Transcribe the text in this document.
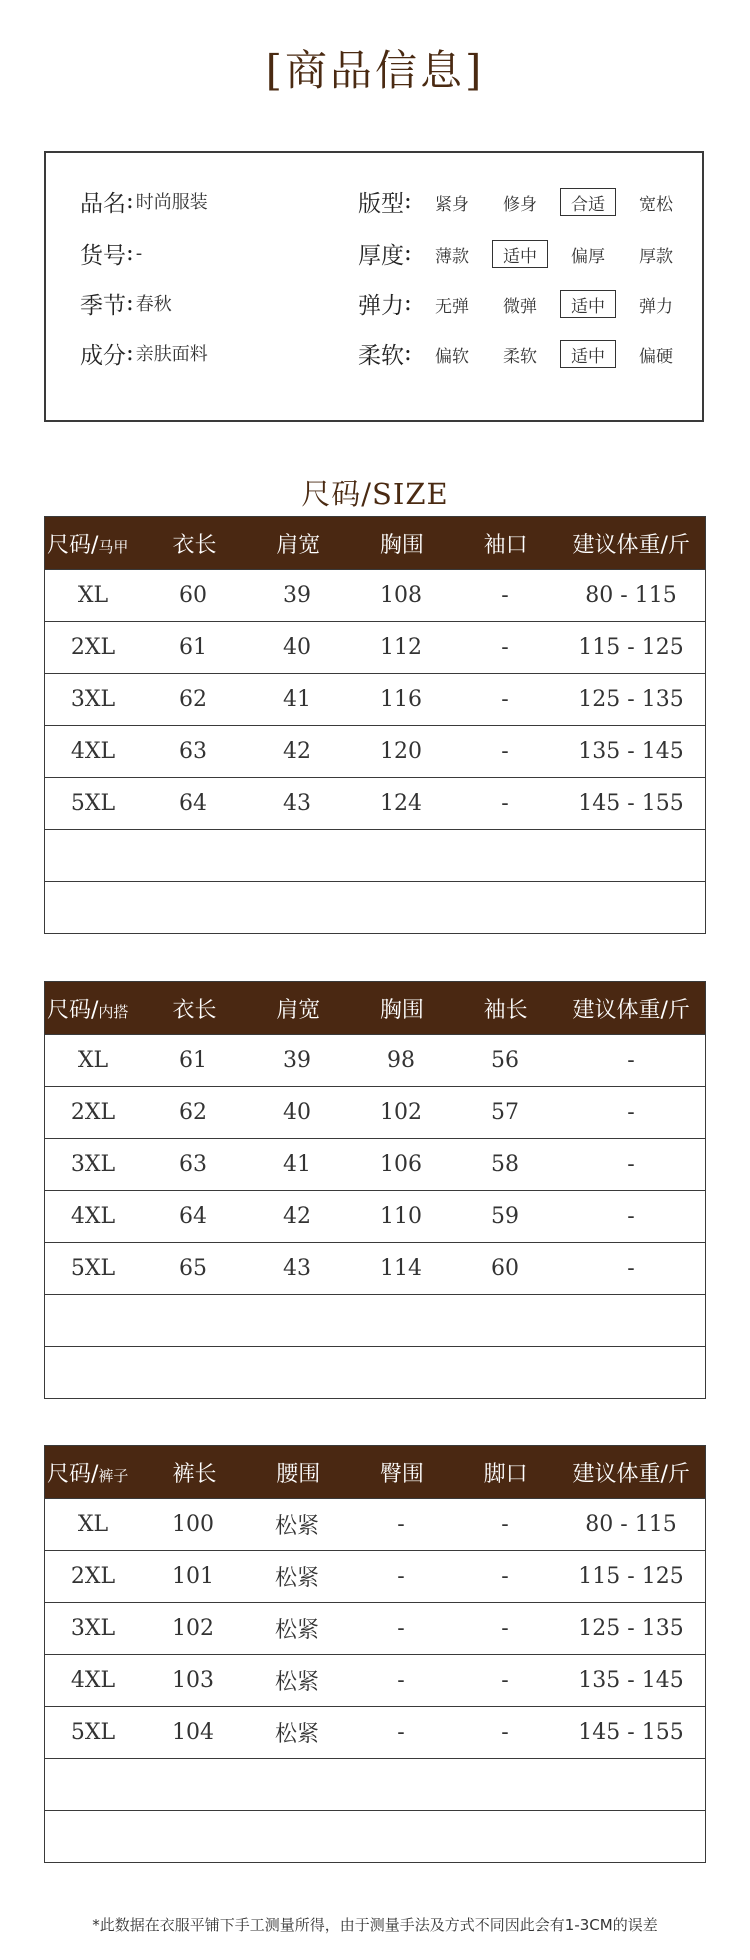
[商品信息]
品名 : 时尚服装	版型 :	紧身	修身	合适	宽松
货号 : -	厚度 :	薄款	适中	偏厚	厚款
季节 : 春秋	弹力 :	无弹	微弹	适中	弹力
成分 : 亲肤面料	柔软 :	偏软	柔软	适中	偏硬
尺码/SIZE
尺码/马甲	衣长	肩宽	胸围	袖口	建议体重/斤
XL	60	39	108	-	80 - 115
2XL	61	40	112	-	115 - 125
3XL	62	41	116	-	125 - 135
4XL	63	42	120	-	135 - 145
5XL	64	43	124	-	145 - 155
尺码/内搭	衣长	肩宽	胸围	袖长	建议体重/斤
XL	61	39	98	56	-
2XL	62	40	102	57	-
3XL	63	41	106	58	-
4XL	64	42	110	59	-
5XL	65	43	114	60	-
尺码/裤子	裤长	腰围	臀围	脚口	建议体重/斤
XL	100	松紧	-	-	80 - 115
2XL	101	松紧	-	-	115 - 125
3XL	102	松紧	-	-	125 - 135
4XL	103	松紧	-	-	135 - 145
5XL	104	松紧	-	-	145 - 155
*此数据在衣服平铺下手工测量所得，由于测量手法及方式不同因此会有1-3CM的误差
